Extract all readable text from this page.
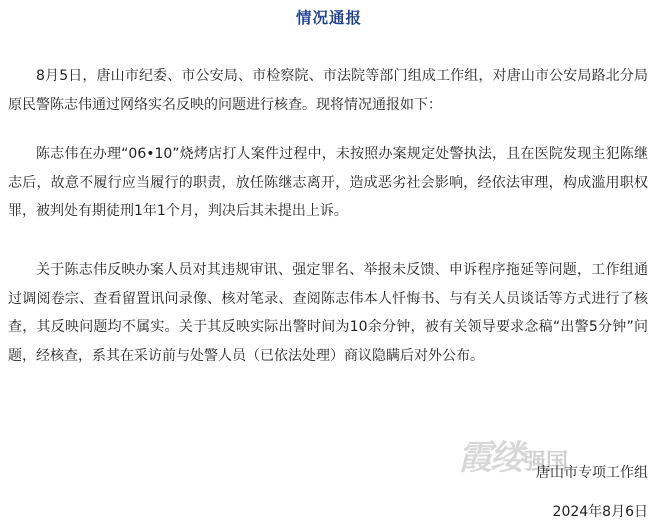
情况通报

8月5日，唐山市纪委、市公安局、市检察院、市法院等部门组成工作组，对唐山市公安局路北分局原民警陈志伟通过网络实名反映的问题进行核查。现将情况通报如下：

陈志伟在办理“06•10”烧烤店打人案件过程中，未按照办案规定处警执法，且在医院发现主犯陈继志后，故意不履行应当履行的职责，放任陈继志离开，造成恶劣社会影响，经依法审理，构成滥用职权罪，被判处有期徒刑1年1个月，判决后其未提出上诉。

关于陈志伟反映办案人员对其违规审讯、强定罪名、举报未反馈、申诉程序拖延等问题，工作组通过调阅卷宗、查看留置讯问录像、核对笔录、查阅陈志伟本人忏悔书、与有关人员谈话等方式进行了核查，其反映问题均不属实。关于其反映实际出警时间为10余分钟，被有关领导要求念稿“出警5分钟”问题，经核查，系其在采访前与处警人员（已依法处理）商议隐瞒后对外公布。

霞缕 强国
唐山市专项工作组
2024年8月6日
